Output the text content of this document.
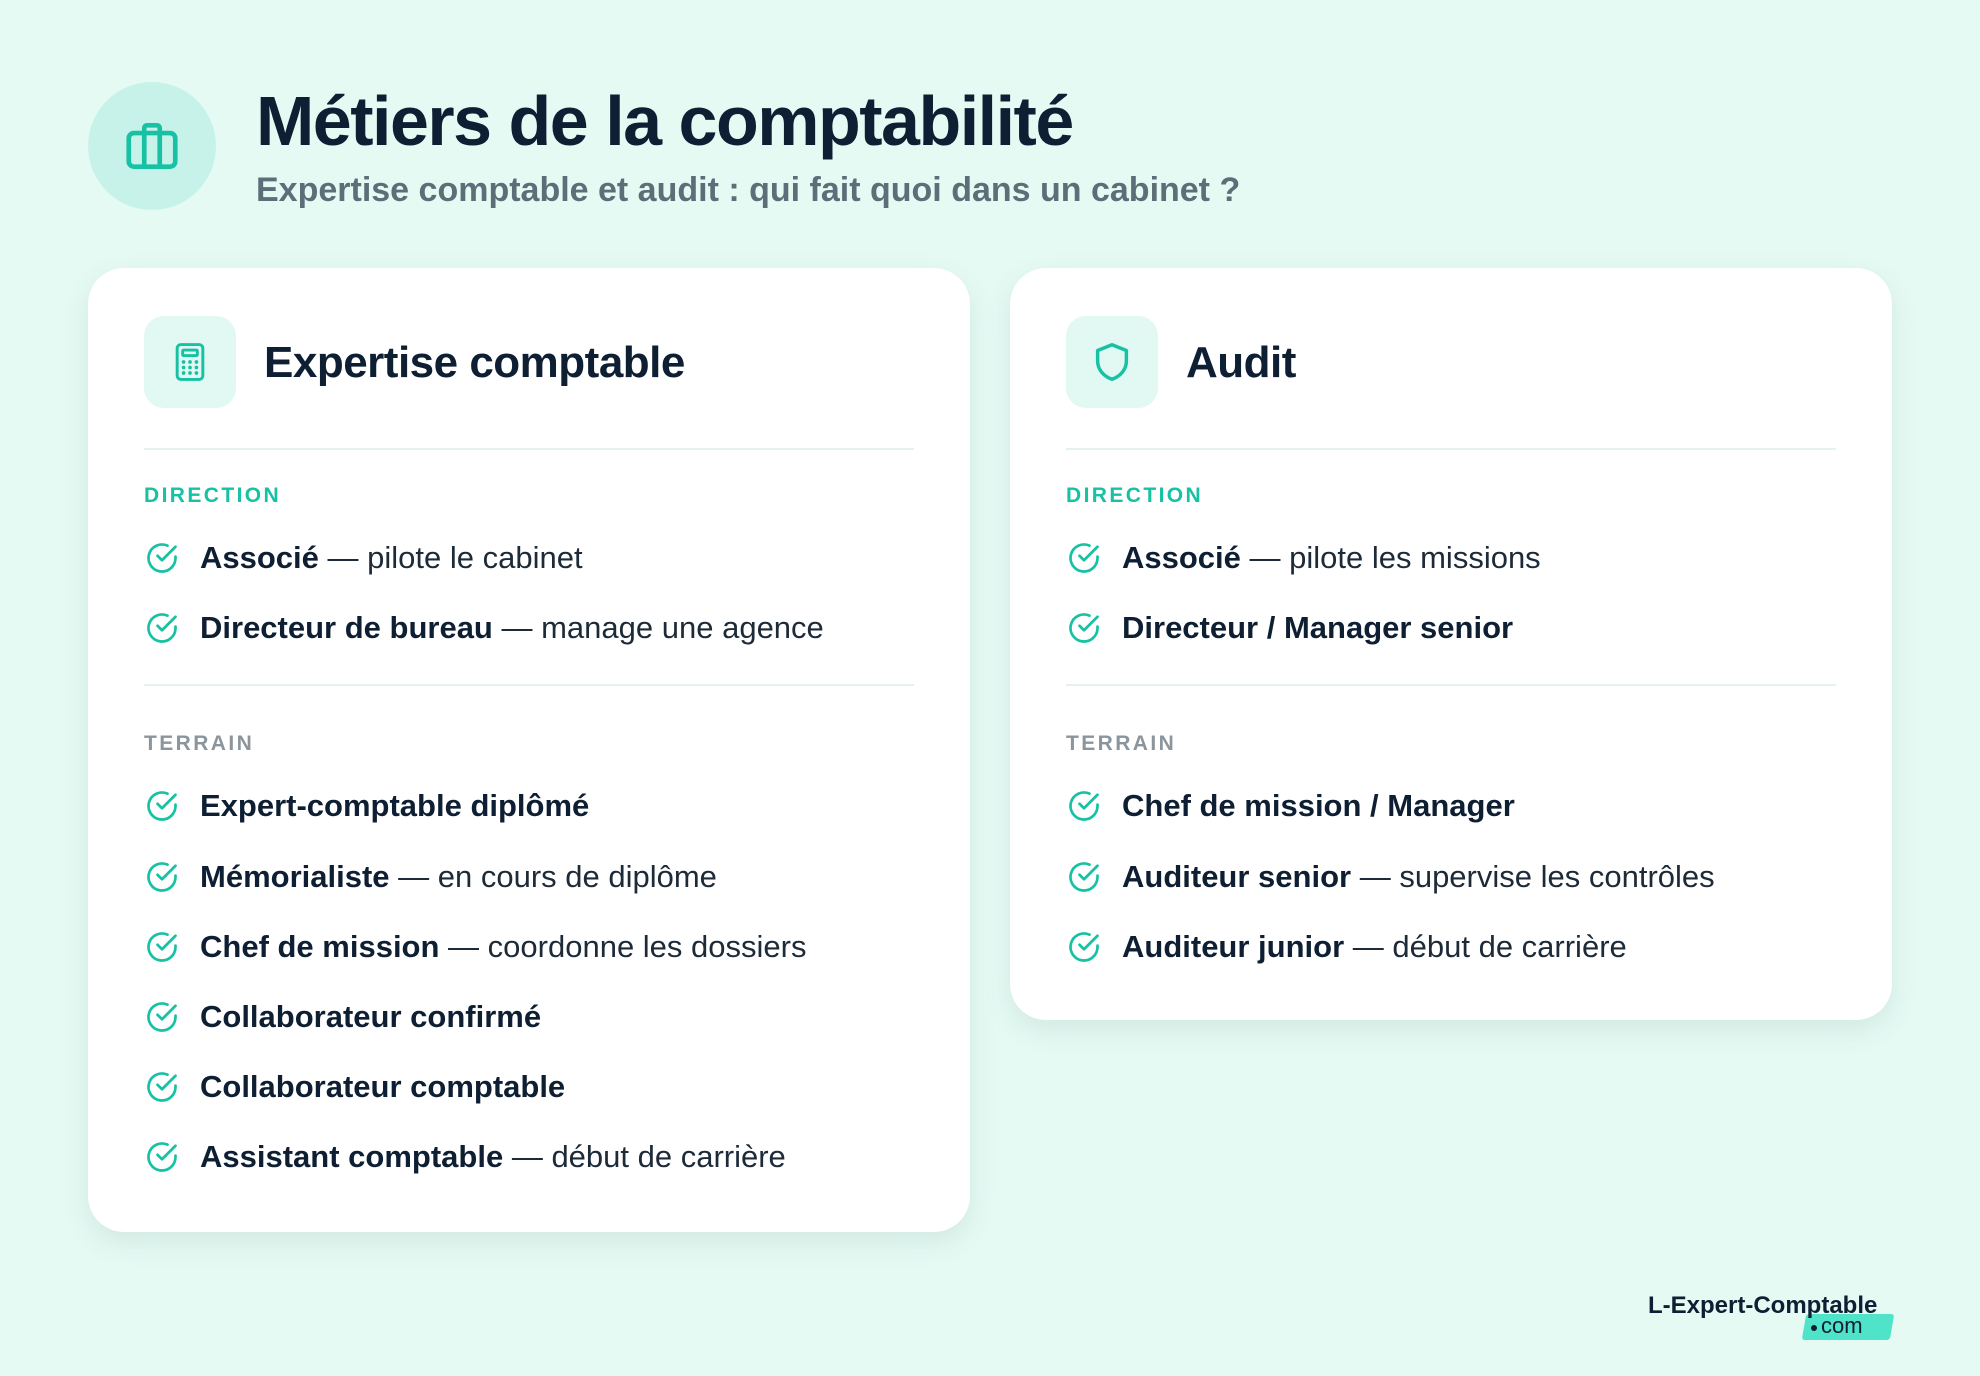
Métiers de la comptabilité
Expertise comptable et audit : qui fait quoi dans un cabinet ?
Expertise comptable
DIRECTION
Associé — pilote le cabinet
Directeur de bureau — manage une agence
TERRAIN
Expert-comptable diplômé
Mémorialiste — en cours de diplôme
Chef de mission — coordonne les dossiers
Collaborateur confirmé
Collaborateur comptable
Assistant comptable — début de carrière
Audit
DIRECTION
Associé — pilote les missions
Directeur / Manager senior
TERRAIN
Chef de mission / Manager
Auditeur senior — supervise les contrôles
Auditeur junior — début de carrière
L-Expert-Comptable
com
